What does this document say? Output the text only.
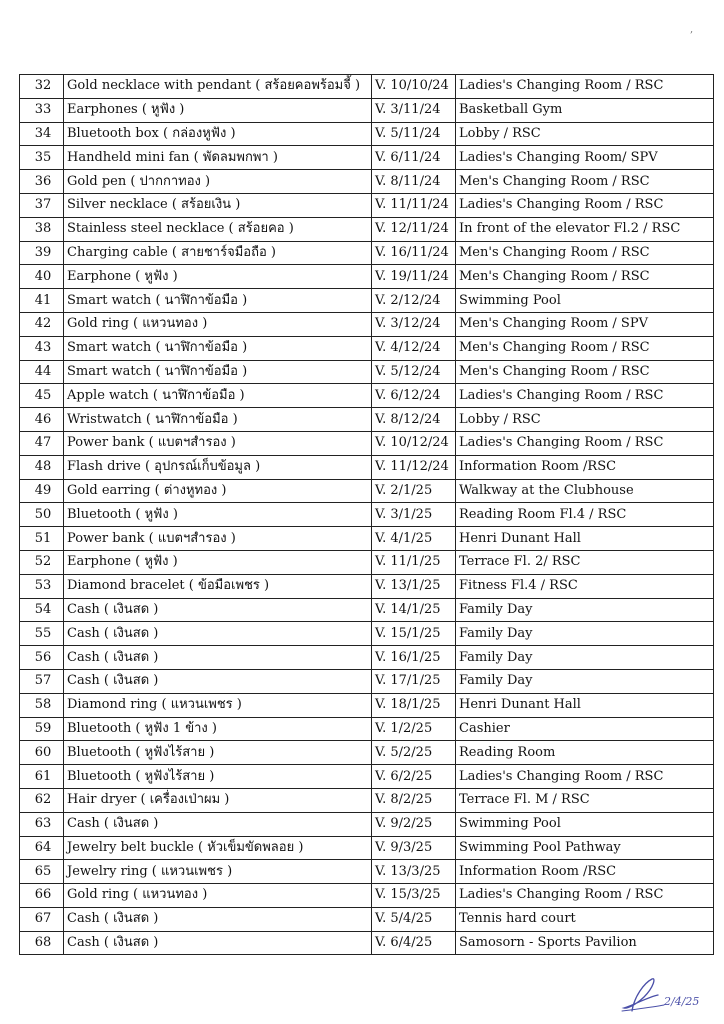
,
32	Gold necklace with pendant ( สร้อยคอพร้อมจี้ )	V. 10/10/24	Ladies's Changing Room / RSC
33	Earphones ( หูฟัง )	V. 3/11/24	Basketball Gym
34	Bluetooth box ( กล่องหูฟัง )	V. 5/11/24	Lobby / RSC
35	Handheld mini fan ( พัดลมพกพา )	V. 6/11/24	Ladies's Changing Room/ SPV
36	Gold pen ( ปากกาทอง )	V. 8/11/24	Men's Changing Room / RSC
37	Silver necklace ( สร้อยเงิน )	V. 11/11/24	Ladies's Changing Room / RSC
38	Stainless steel necklace ( สร้อยคอ )	V. 12/11/24	In front of the elevator Fl.2 / RSC
39	Charging cable ( สายชาร์จมือถือ )	V. 16/11/24	Men's Changing Room / RSC
40	Earphone ( หูฟัง )	V. 19/11/24	Men's Changing Room / RSC
41	Smart watch ( นาฬิกาข้อมือ )	V. 2/12/24	Swimming Pool
42	Gold ring ( แหวนทอง )	V. 3/12/24	Men's Changing Room / SPV
43	Smart watch ( นาฬิกาข้อมือ )	V. 4/12/24	Men's Changing Room / RSC
44	Smart watch ( นาฬิกาข้อมือ )	V. 5/12/24	Men's Changing Room / RSC
45	Apple watch ( นาฬิกาข้อมือ )	V. 6/12/24	Ladies's Changing Room / RSC
46	Wristwatch ( นาฬิกาข้อมือ )	V. 8/12/24	Lobby / RSC
47	Power bank ( แบตฯสำรอง )	V. 10/12/24	Ladies's Changing Room / RSC
48	Flash drive ( อุปกรณ์เก็บข้อมูล )	V. 11/12/24	Information Room /RSC
49	Gold earring ( ต่างหูทอง )	V. 2/1/25	Walkway at the Clubhouse
50	Bluetooth ( หูฟัง )	V. 3/1/25	Reading Room Fl.4 / RSC
51	Power bank ( แบตฯสำรอง )	V. 4/1/25	Henri Dunant Hall
52	Earphone ( หูฟัง )	V. 11/1/25	Terrace Fl. 2/ RSC
53	Diamond bracelet ( ข้อมือเพชร )	V. 13/1/25	Fitness Fl.4 / RSC
54	Cash ( เงินสด )	V. 14/1/25	Family Day
55	Cash ( เงินสด )	V. 15/1/25	Family Day
56	Cash ( เงินสด )	V. 16/1/25	Family Day
57	Cash ( เงินสด )	V. 17/1/25	Family Day
58	Diamond ring ( แหวนเพชร )	V. 18/1/25	Henri Dunant Hall
59	Bluetooth ( หูฟัง 1 ข้าง )	V. 1/2/25	Cashier
60	Bluetooth ( หูฟังไร้สาย )	V. 5/2/25	Reading Room
61	Bluetooth ( หูฟังไร้สาย )	V. 6/2/25	Ladies's Changing Room / RSC
62	Hair dryer ( เครื่องเป่าผม )	V. 8/2/25	Terrace Fl. M / RSC
63	Cash ( เงินสด )	V. 9/2/25	Swimming Pool
64	Jewelry belt buckle ( หัวเข็มขัดพลอย )	V. 9/3/25	Swimming Pool Pathway
65	Jewelry ring ( แหวนเพชร )	V. 13/3/25	Information Room /RSC
66	Gold ring ( แหวนทอง )	V. 15/3/25	Ladies's Changing Room / RSC
67	Cash ( เงินสด )	V. 5/4/25	Tennis hard court
68	Cash ( เงินสด )	V. 6/4/25	Samosorn - Sports Pavilion
2/4/25
